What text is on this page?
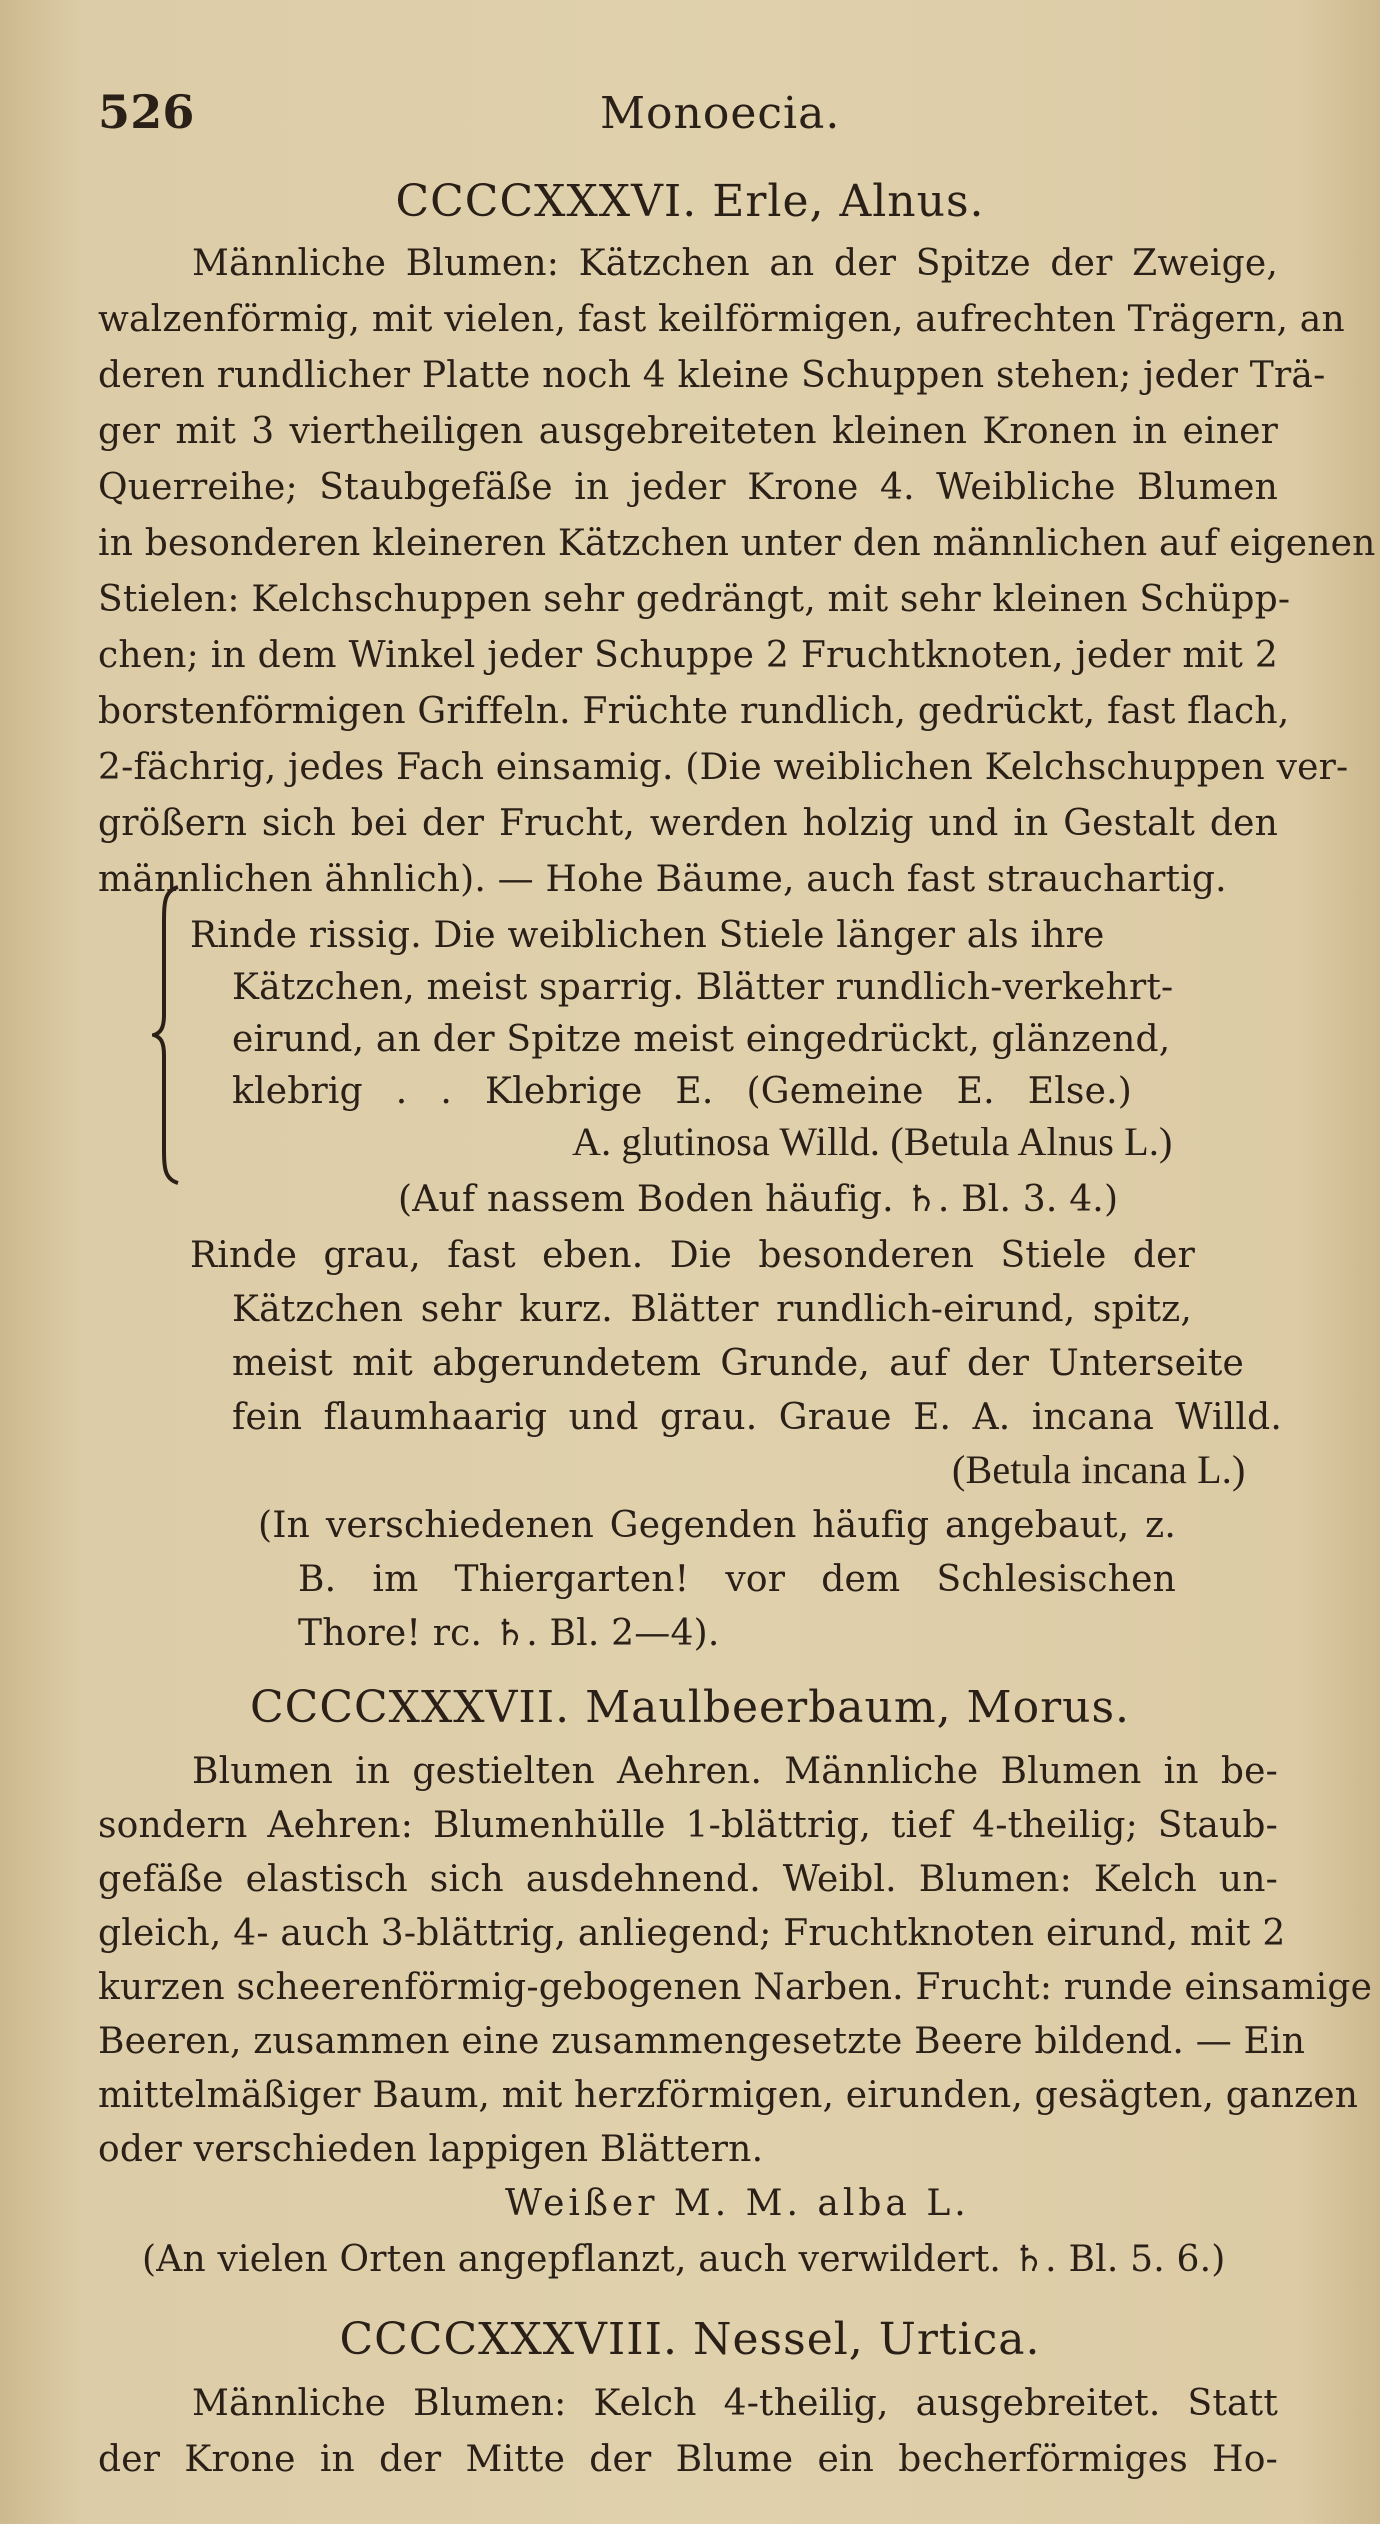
526	Monoecia.
CCCCXXXVI. Erle, Alnus.
Männliche Blumen: Kätzchen an der Spitze der Zweige,
walzenförmig, mit vielen, fast keilförmigen, aufrechten Trägern, an
deren rundlicher Platte noch 4 kleine Schuppen stehen; jeder Trä-
ger mit 3 viertheiligen ausgebreiteten kleinen Kronen in einer
Querreihe; Staubgefäße in jeder Krone 4. Weibliche Blumen
in besonderen kleineren Kätzchen unter den männlichen auf eigenen
Stielen: Kelchschuppen sehr gedrängt, mit sehr kleinen Schüpp-
chen; in dem Winkel jeder Schuppe 2 Fruchtknoten, jeder mit 2
borstenförmigen Griffeln. Früchte rundlich, gedrückt, fast flach,
2-fächrig, jedes Fach einsamig. (Die weiblichen Kelchschuppen ver-
größern sich bei der Frucht, werden holzig und in Gestalt den
männlichen ähnlich). — Hohe Bäume, auch fast strauchartig.
Rinde rissig. Die weiblichen Stiele länger als ihre
Kätzchen, meist sparrig. Blätter rundlich-verkehrt-
eirund, an der Spitze meist eingedrückt, glänzend,
klebrig . . Klebrige E. (Gemeine E. Else.)
A. glutinosa Willd. (Betula Alnus L.)
(Auf nassem Boden häufig. ♄. Bl. 3. 4.)
Rinde grau, fast eben. Die besonderen Stiele der
Kätzchen sehr kurz. Blätter rundlich-eirund, spitz,
meist mit abgerundetem Grunde, auf der Unterseite
fein flaumhaarig und grau. Graue E. A. incana Willd.
(Betula incana L.)
(In verschiedenen Gegenden häufig angebaut, z.
B. im Thiergarten! vor dem Schlesischen
Thore! rc. ♄. Bl. 2—4).
CCCCXXXVII. Maulbeerbaum, Morus.
Blumen in gestielten Aehren. Männliche Blumen in be-
sondern Aehren: Blumenhülle 1-blättrig, tief 4-theilig; Staub-
gefäße elastisch sich ausdehnend. Weibl. Blumen: Kelch un-
gleich, 4- auch 3-blättrig, anliegend; Fruchtknoten eirund, mit 2
kurzen scheerenförmig-gebogenen Narben. Frucht: runde einsamige
Beeren, zusammen eine zusammengesetzte Beere bildend. — Ein
mittelmäßiger Baum, mit herzförmigen, eirunden, gesägten, ganzen
oder verschieden lappigen Blättern.
Weißer M. M. alba L.
(An vielen Orten angepflanzt, auch verwildert. ♄. Bl. 5. 6.)
CCCCXXXVIII. Nessel, Urtica.
Männliche Blumen: Kelch 4-theilig, ausgebreitet. Statt
der Krone in der Mitte der Blume ein becherförmiges Ho-
